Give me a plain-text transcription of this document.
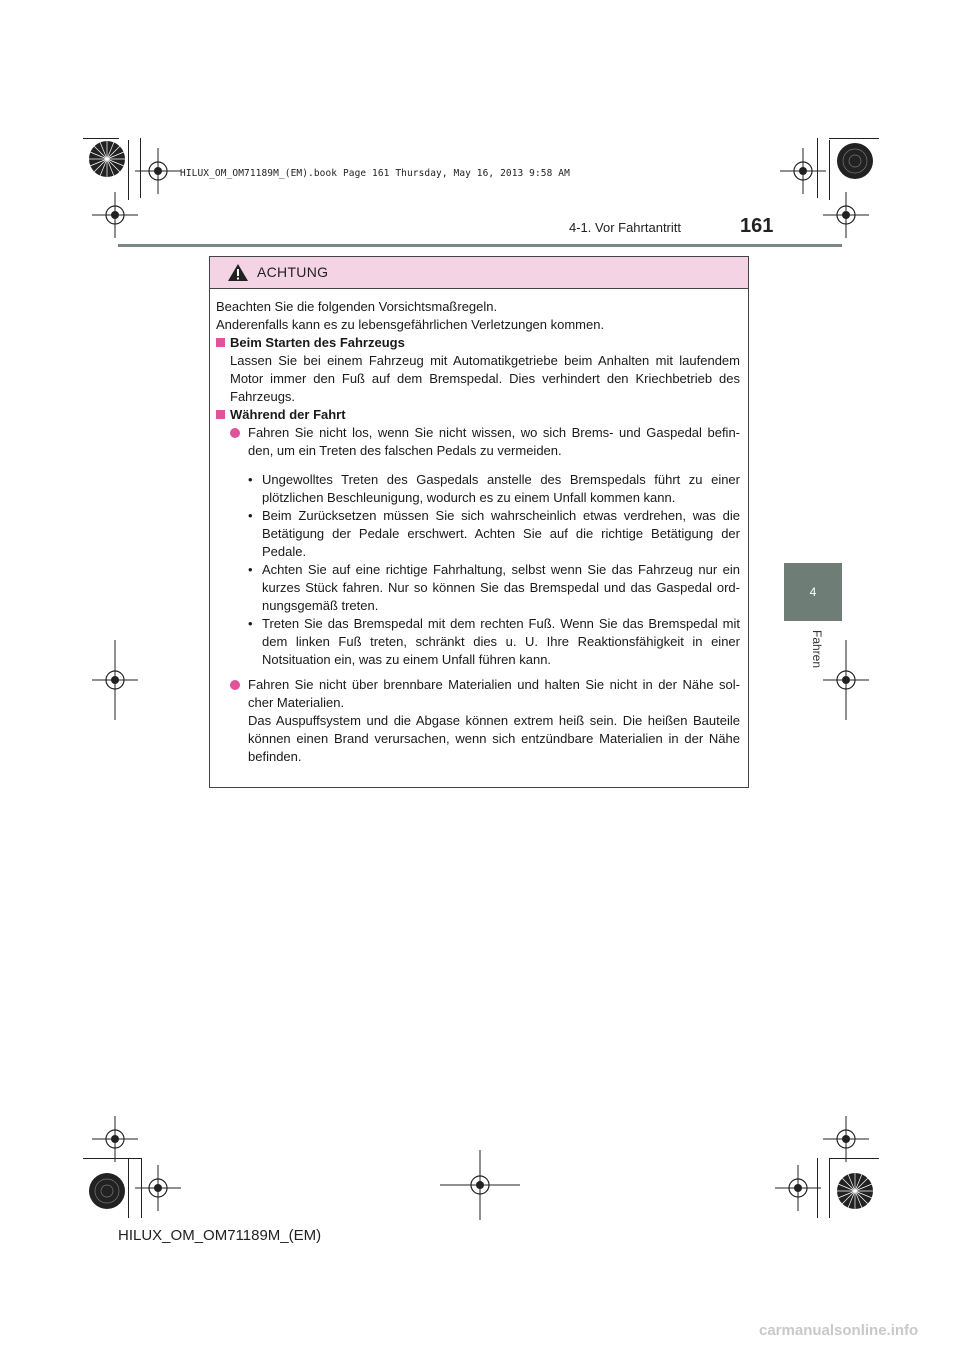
HILUX_OM_OM71189M_(EM).book Page 161 Thursday, May 16, 2013 9:58 AM
4-1. Vor Fahrtantritt	161
4
Fahren
ACHTUNG

Beachten Sie die folgenden Vorsichtsmaßregeln.

Anderenfalls kann es zu lebensgefährlichen Verletzungen kommen.

Beim Starten des Fahrzeugs

Lassen Sie bei einem Fahrzeug mit Automatikgetriebe beim Anhalten mit laufendem Motor immer den Fuß auf dem Bremspedal. Dies verhindert den Kriechbetrieb des Fahrzeugs.

Während der Fahrt

Fahren Sie nicht los, wenn Sie nicht wissen, wo sich Brems- und Gaspedal befin-den, um ein Treten des falschen Pedals zu vermeiden.

• Ungewolltes Treten des Gaspedals anstelle des Bremspedals führt zu einer plötzlichen Beschleunigung, wodurch es zu einem Unfall kommen kann.

• Beim Zurücksetzen müssen Sie sich wahrscheinlich etwas verdrehen, was die Betätigung der Pedale erschwert. Achten Sie auf die richtige Betätigung der Pedale.

• Achten Sie auf eine richtige Fahrhaltung, selbst wenn Sie das Fahrzeug nur ein kurzes Stück fahren. Nur so können Sie das Bremspedal und das Gaspedal ord-nungsgemäß treten.

• Treten Sie das Bremspedal mit dem rechten Fuß. Wenn Sie das Bremspedal mit dem linken Fuß treten, schränkt dies u. U. Ihre Reaktionsfähigkeit in einer Notsituation ein, was zu einem Unfall führen kann.

Fahren Sie nicht über brennbare Materialien und halten Sie nicht in der Nähe sol-cher Materialien.

Das Auspuffsystem und die Abgase können extrem heiß sein. Die heißen Bauteile können einen Brand verursachen, wenn sich entzündbare Materialien in der Nähe befinden.

HILUX_OM_OM71189M_(EM)
carmanualsonline.info
